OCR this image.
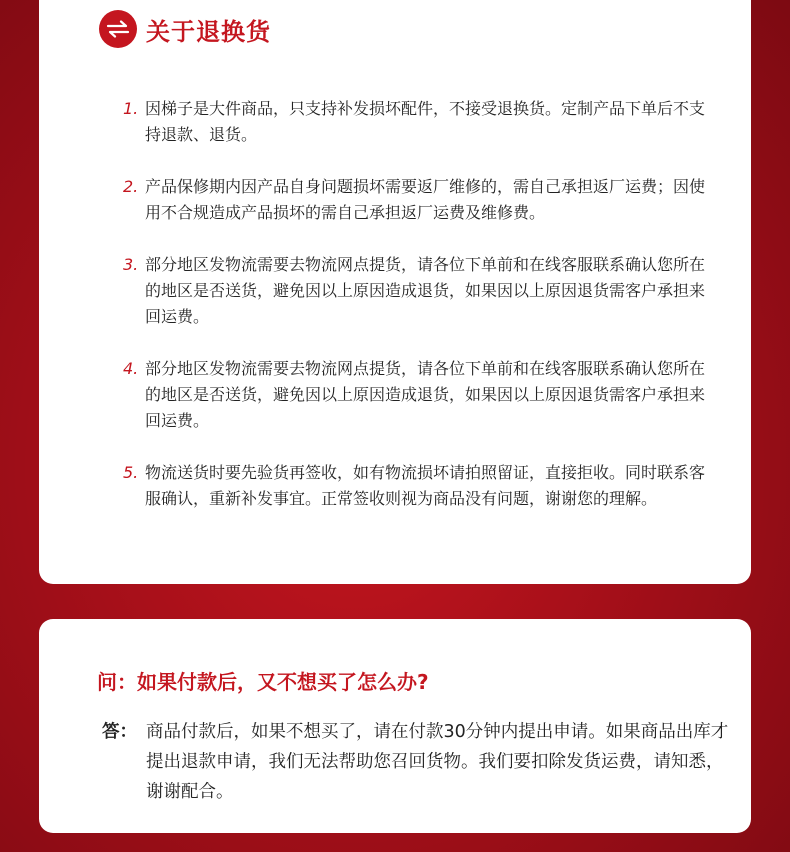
关于退换货
1. 因梯子是大件商品，只支持补发损坏配件，不接受退换货。定制产品下单后不支持退款、退货。
2. 产品保修期内因产品自身问题损坏需要返厂维修的，需自己承担返厂运费；因使用不合规造成产品损坏的需自己承担返厂运费及维修费。
3. 部分地区发物流需要去物流网点提货，请各位下单前和在线客服联系确认您所在的地区是否送货，避免因以上原因造成退货，如果因以上原因退货需客户承担来回运费。
4. 部分地区发物流需要去物流网点提货，请各位下单前和在线客服联系确认您所在的地区是否送货，避免因以上原因造成退货，如果因以上原因退货需客户承担来回运费。
5. 物流送货时要先验货再签收，如有物流损坏请拍照留证，直接拒收。同时联系客服确认，重新补发事宜。正常签收则视为商品没有问题，谢谢您的理解。
问：如果付款后，又不想买了怎么办?
答： 商品付款后，如果不想买了，请在付款30分钟内提出申请。如果商品出库才提出退款申请，我们无法帮助您召回货物。我们要扣除发货运费，请知悉，谢谢配合。
